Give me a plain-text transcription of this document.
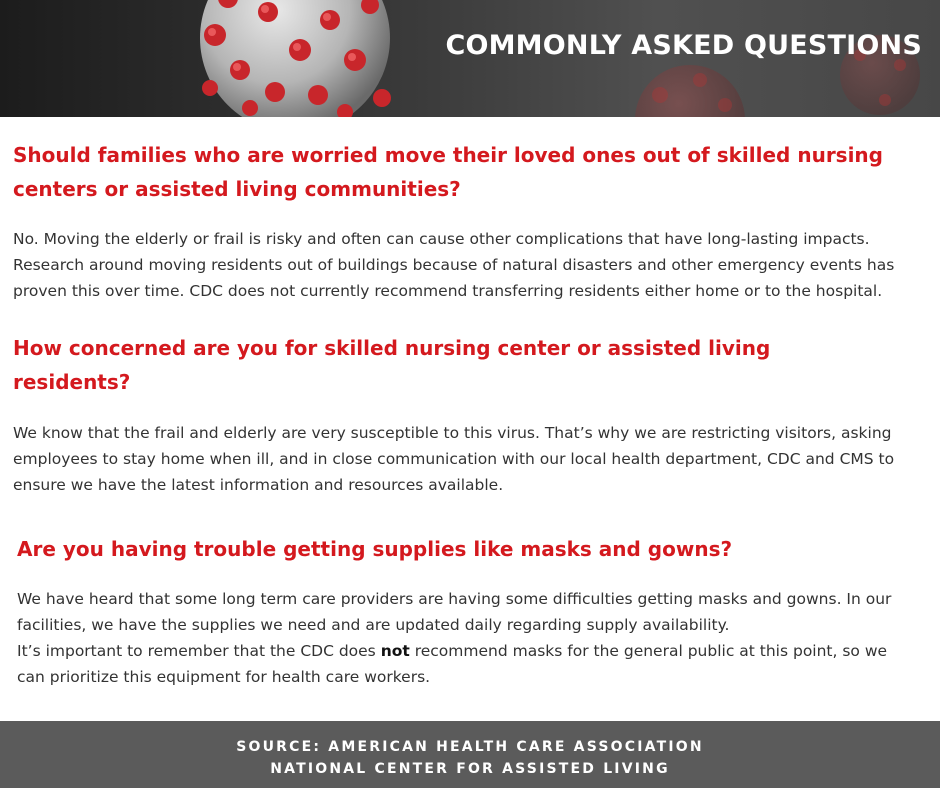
COMMONLY ASKED QUESTIONS
Should families who are worried move their loved ones out of skilled nursing centers or assisted living communities?

No. Moving the elderly or frail is risky and often can cause other complications that have long-lasting impacts. Research around moving residents out of buildings because of natural disasters and other emergency events has proven this over time. CDC does not currently recommend transferring residents either home or to the hospital.

How concerned are you for skilled nursing center or assisted living residents?

We know that the frail and elderly are very susceptible to this virus. That’s why we are restricting visitors, asking employees to stay home when ill, and in close communication with our local health department, CDC and CMS to ensure we have the latest information and resources available.

Are you having trouble getting supplies like masks and gowns?
We have heard that some long term care providers are having some difficulties getting masks and gowns. In our facilities, we have the supplies we need and are updated daily regarding supply availability.
It’s important to remember that the CDC does not recommend masks for the general public at this point, so we can prioritize this equipment for health care workers.
SOURCE: AMERICAN HEALTH CARE ASSOCIATION
NATIONAL CENTER FOR ASSISTED LIVING
